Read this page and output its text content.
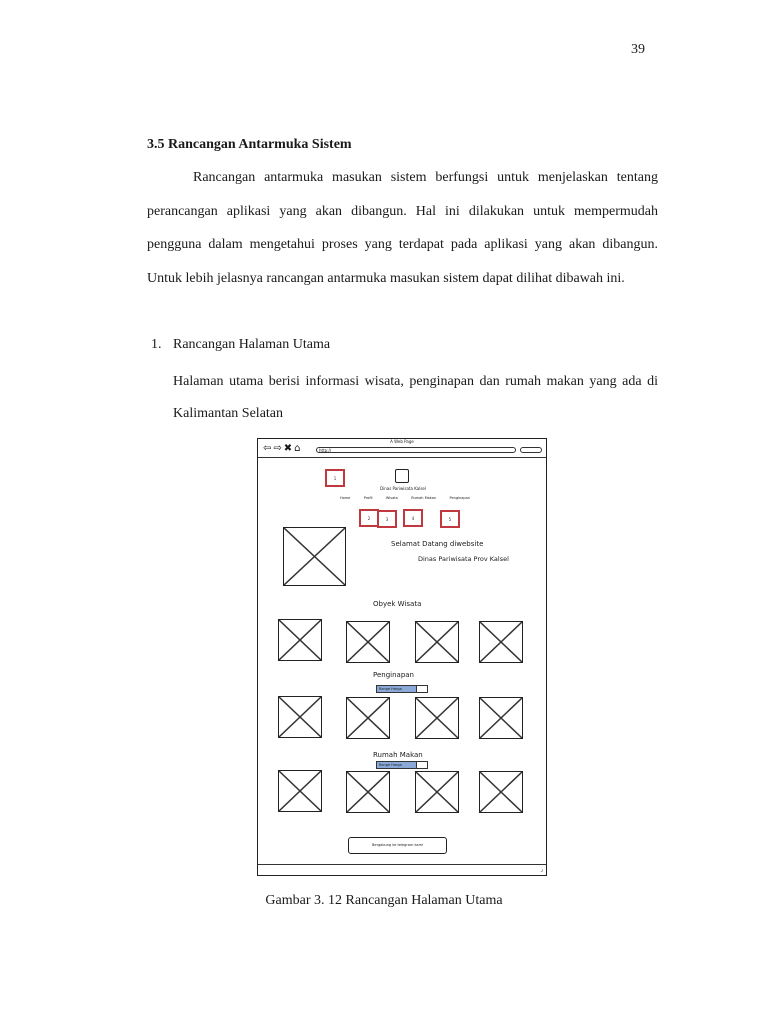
39
3.5 Rancangan Antarmuka Sistem
Rancangan antarmuka masukan sistem berfungsi untuk menjelaskan tentang perancangan aplikasi yang akan dibangun. Hal ini dilakukan untuk mempermudah pengguna dalam mengetahui proses yang terdapat pada aplikasi yang akan dibangun. Untuk lebih jelasnya rancangan antarmuka masukan sistem dapat dilihat dibawah ini.
1. Rancangan Halaman Utama
Halaman utama berisi informasi wisata, penginapan dan rumah makan yang ada di Kalimantan Selatan
A Web Page
⇦ ⇨ ✖ ⌂	http://
Dinas Pariwisata Kalsel
Home	Profil	Wisata	Rumah Makan	Penginapan
1
2	3	4	5
Selamat Datang diwebsite
Dinas Pariwisata Prov Kalsel
Obyek Wisata
Penginapan
Range Harga
Rumah Makan
Range Harga
Bergabung ke telegram kami
⌟
Gambar 3. 12 Rancangan Halaman Utama
